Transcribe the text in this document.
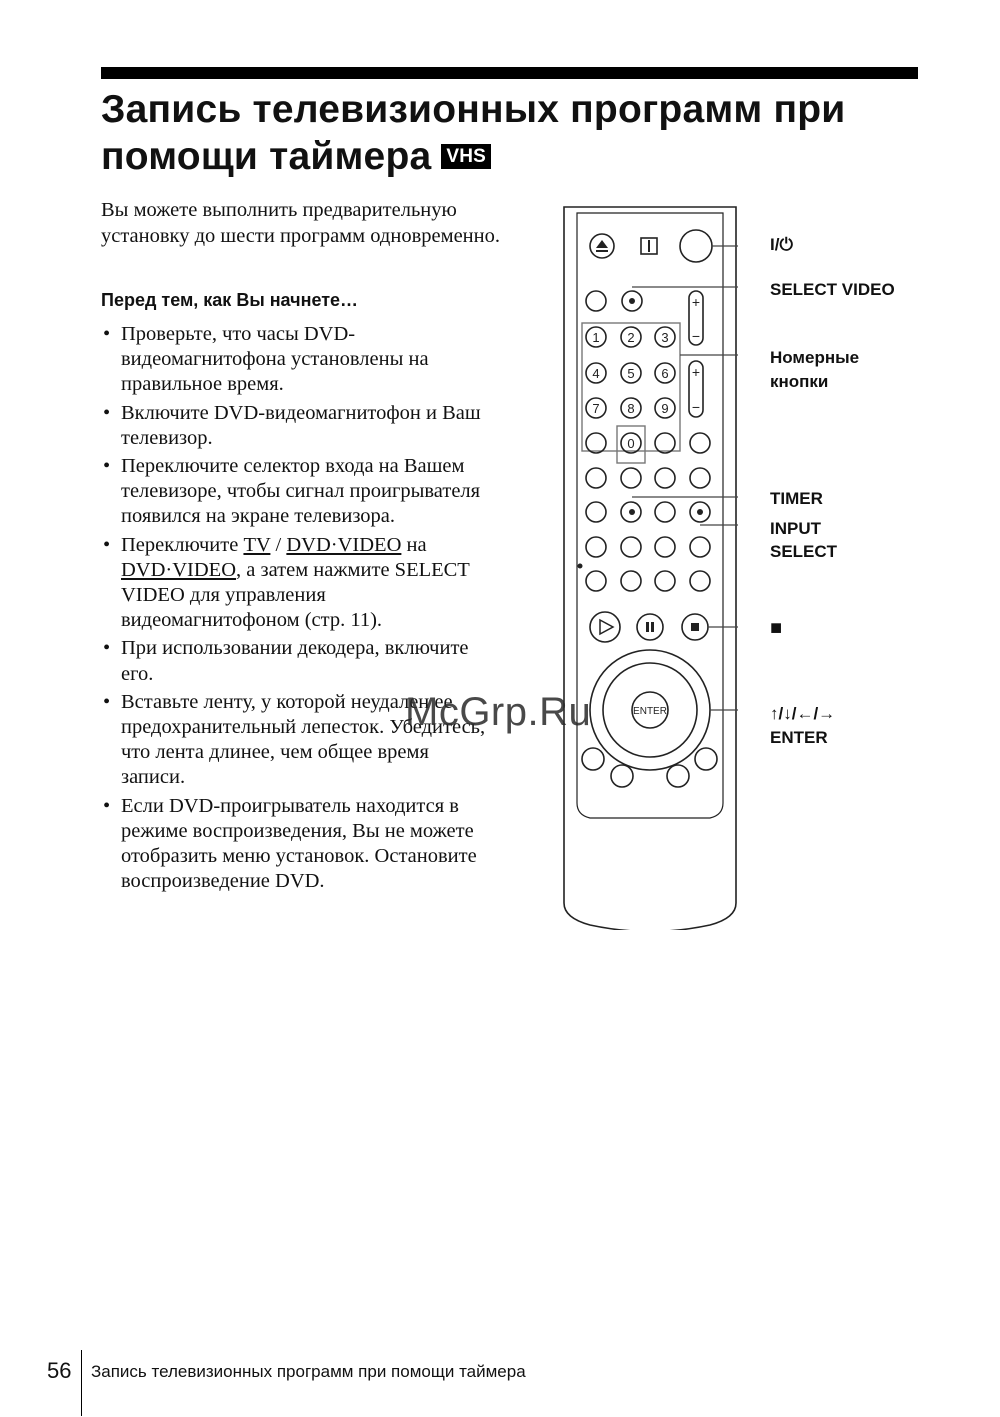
Запись телевизионных программ при помощи таймера VHS

Вы можете выполнить предварительную установку до шести программ одновременно.

Перед тем, как Вы начнете…

• Проверьте, что часы DVD-видеомагнитофона установлены на правильное время.
• Включите DVD-видеомагнитофон и Ваш телевизор.
• Переключите селектор входа на Вашем телевизоре, чтобы сигнал проигрывателя появился на экране телевизора.
• Переключите TV / DVD·VIDEO на DVD·VIDEO, а затем нажмите SELECT VIDEO для управления видеомагнитофоном (стр. 11).
• При использовании декодера, включите его.
• Вставьте ленту, у которой неудален ее предохранительный лепесток. Убедитесь, что лента длинее, чем общее время записи.
• Если DVD-проигрыватель находится в режиме воспроизведения, Вы не можете отобразить меню установок. Остановите воспроизведение DVD.
1 2 3
4 5 6
7 8 9
0
ENTER
+
−
+
−

I/⏻

SELECT VIDEO

Номерные

кнопки

TIMER

INPUT

SELECT

■

↑/↓/←/→

ENTER

McGrp.Ru
56 Запись телевизионных программ при помощи таймера
